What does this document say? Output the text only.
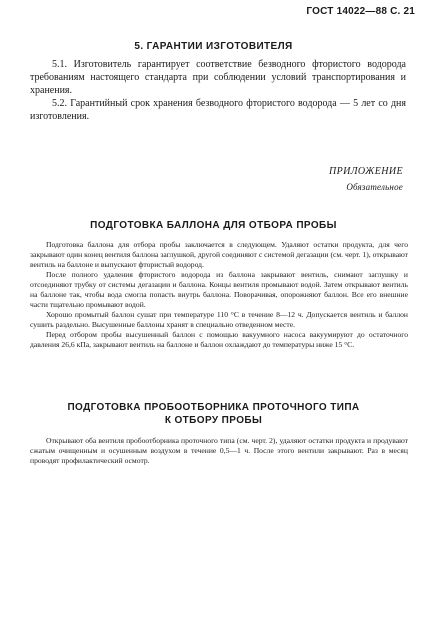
ГОСТ 14022—88 С. 21
5. ГАРАНТИИ ИЗГОТОВИТЕЛЯ

5.1. Изготовитель гарантирует соответствие безводного фтористого водорода требованиям настоящего стандарта при соблюдении условий транспортирования и хранения.

5.2. Гарантийный срок хранения безводного фтористого водорода — 5 лет со дня изготовления.

ПРИЛОЖЕНИЕ
Обязательное
ПОДГОТОВКА БАЛЛОНА ДЛЯ ОТБОРА ПРОБЫ

Подготовка баллона для отбора пробы заключается в следующем. Удаляют остатки продукта, для чего закрывают один конец вентиля баллона заглушкой, другой соединяют с системой дегазации (см. черт. 1), открывают вентиль на баллоне и выпускают фтористый водород.

После полного удаления фтористого водорода из баллона закрывают вентиль, снимают заглушку и отсоединяют трубку от системы дегазации и баллона. Концы вентиля промывают водой. Затем открывают вентиль на баллоне так, чтобы вода смогла попасть внутрь баллона. Поворачивая, опорожняют баллон. Все его внешние части тщательно промывают водой.

Хорошо промытый баллон сушат при температуре 110 °С в течение 8—12 ч. Допускается вентиль и баллон сушить раздельно. Высушенные баллоны хранят в специально отведенном месте.

Перед отбором пробы высушенный баллон с помощью вакуумного насоса вакуумируют до остаточного давления 26,6 кПа, закрывают вентиль на баллоне и баллон охлаждают до температуры ниже 15 °С.

ПОДГОТОВКА ПРОБООТБОРНИКА ПРОТОЧНОГО ТИПА
К ОТБОРУ ПРОБЫ

Открывают оба вентиля пробоотборника проточного типа (см. черт. 2), удаляют остатки продукта и продувают сжатым очищенным и осушенным воздухом в течение 0,5—1 ч. После этого вентили закрывают. Раз в месяц проводят профилактический осмотр.
